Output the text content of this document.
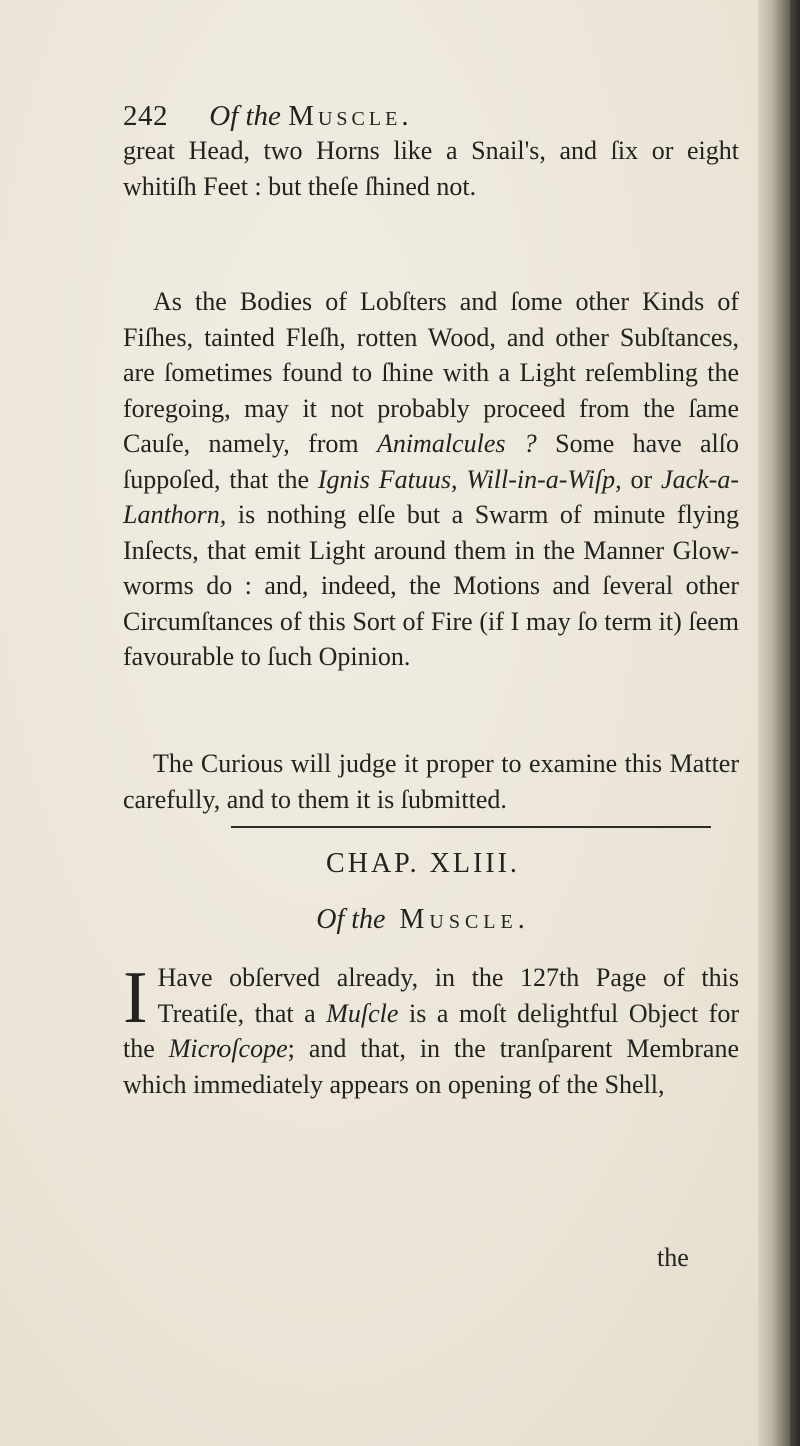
242 Of the Muscle.

great Head, two Horns like a Snail's, and ſix or eight whitiſh Feet : but theſe ſhined not.

As the Bodies of Lobſters and ſome other Kinds of Fiſhes, tainted Fleſh, rotten Wood, and other Subſtances, are ſometimes found to ſhine with a Light reſembling the foregoing, may it not probably proceed from the ſame Cauſe, namely, from Animalcules ? Some have alſo ſuppoſed, that the Ignis Fatuus, Will-in-a-Wiſp, or Jack-a-Lanthorn, is nothing elſe but a Swarm of minute flying Inſects, that emit Light around them in the Manner Glow-worms do : and, indeed, the Motions and ſeveral other Circumſtances of this Sort of Fire (if I may ſo term it) ſeem favourable to ſuch Opinion.

The Curious will judge it proper to examine this Matter carefully, and to them it is ſubmitted.

CHAP. XLIII.
Of the Muscle.
I Have obſerved already, in the 127th Page of this Treatiſe, that a Muſcle is a moſt delightful Object for the Microſcope; and that, in the tranſparent Membrane which immediately appears on opening of the Shell,
the
